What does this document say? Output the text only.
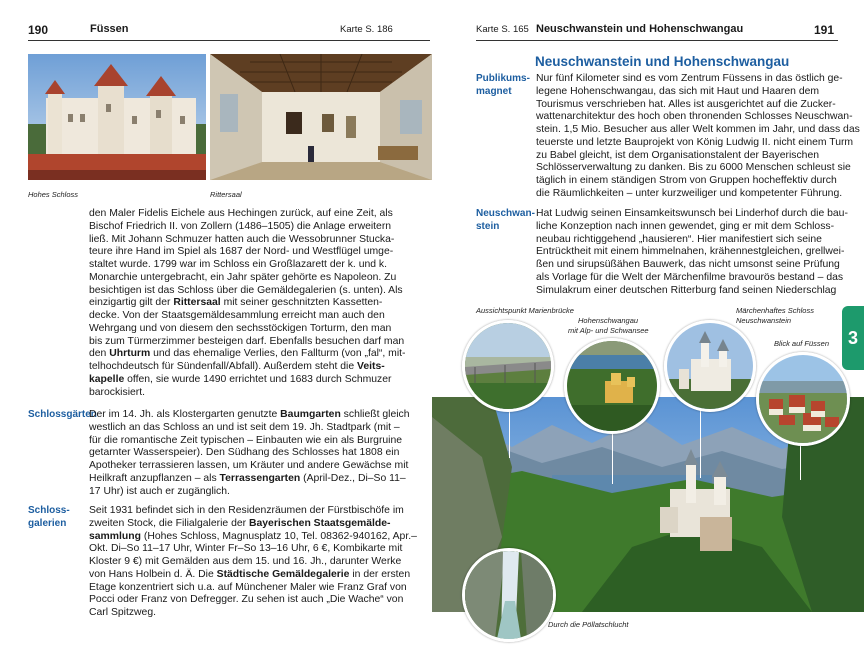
190	Füssen	Karte S. 186
Hohes Schloss	Rittersaal
den Maler Fidelis Eichele aus Hechingen zurück, auf eine Zeit, als
Bischof Friedrich II. von Zollern (1486–1505) die Anlage erweitern
ließ. Mit Johann Schmuzer hatten auch die Wessobrunner Stucka-
teure ihre Hand im Spiel als 1687 der Nord- und Westflügel umge-
staltet wurde. 1799 war im Schloss ein Großlazarett der k. und k.
Monarchie untergebracht, ein Jahr später gehörte es Napoleon. Zu
besichtigen ist das Schloss über die Gemäldegalerien (s. unten). Als
einzigartig gilt der Rittersaal mit seiner geschnitzten Kassetten-
decke. Von der Staatsgemäldesammlung erreicht man auch den
Wehrgang und von diesem den sechsstöckigen Torturm, den man
bis zum Türmerzimmer besteigen darf. Ebenfalls besuchen darf man
den Uhrturm und das ehemalige Verlies, den Fallturm (von „fal“, mit-
telhochdeutsch für Sündenfall/Abfall). Außerdem steht die Veits-
kapelle offen, sie wurde 1490 errichtet und 1683 durch Schmuzer
barockisiert.
Schlossgärten
Der im 14. Jh. als Klostergarten genutzte Baumgarten schließt gleich
westlich an das Schloss an und ist seit dem 19. Jh. Stadtpark (mit –
für die romantische Zeit typischen – Einbauten wie ein als Burgruine
getarnter Wasserspeier). Den Südhang des Schlosses hat 1808 ein
Apotheker terrassieren lassen, um Kräuter und andere Gewächse mit
Heilkraft anzupflanzen – als Terrassengarten (April-Dez., Di–So 11–
17 Uhr) ist auch er zugänglich.
Schloss-
galerien
Seit 1931 befindet sich in den Residenzräumen der Fürstbischöfe im
zweiten Stock, die Filialgalerie der Bayerischen Staatsgemälde-
sammlung (Hohes Schloss, Magnusplatz 10, Tel. 08362-940162, Apr.–
Okt. Di–So 11–17 Uhr, Winter Fr–So 13–16 Uhr, 6 €, Kombikarte mit
Kloster 9 €) mit Gemälden aus dem 15. und 16. Jh., darunter Werke
von Hans Holbein d. Ä. Die Städtische Gemäldegalerie in der ersten
Etage konzentriert sich u.a. auf Münchener Maler wie Franz Graf von
Pocci oder Franz von Defregger. Zu sehen ist auch „Die Wache“ von
Carl Spitzweg.
Karte S. 165 Neuschwanstein und Hohenschwangau	191
Neuschwanstein und Hohenschwangau
Publikums-
magnet
Nur fünf Kilometer sind es vom Zentrum Füssens in das östlich ge-
legene Hohenschwangau, das sich mit Haut und Haaren dem
Tourismus verschrieben hat. Alles ist ausgerichtet auf die Zucker-
wattenarchitektur des hoch oben thronenden Schlosses Neuschwan-
stein. 1,5 Mio. Besucher aus aller Welt kommen im Jahr, und dass das
teuerste und letzte Bauprojekt von König Ludwig II. nicht einem Turm
zu Babel gleicht, ist dem Organisationstalent der Bayerischen
Schlösserverwaltung zu danken. Bis zu 6000 Menschen schleust sie
täglich in einem ständigen Strom von Gruppen hocheffektiv durch
die Räumlichkeiten – unter kurzweiliger und kompetenter Führung.
Neuschwan-
stein
Hat Ludwig seinen Einsamkeitswunsch bei Linderhof durch die bau-
liche Konzeption nach innen gewendet, ging er mit dem Schloss-
neubau richtiggehend „hausieren“. Hier manifestiert sich seine
Entrücktheit mit einem himmelnahen, krähennestgleichen, grellwei-
ßen und sirupsüßähen Bauwerk, das nicht umsonst seine Prüfung
als Vorlage für die Welt der Märchenfilme bravourös bestand – das
Simulakrum einer deutschen Ritterburg fand seinen Niederschlag
3
Aussichtspunkt Marienbrücke
Hohenschwangau
mit Alp- und Schwansee
Märchenhaftes Schloss
Neuschwanstein
Blick auf Füssen
Durch die Pöllatschlucht
